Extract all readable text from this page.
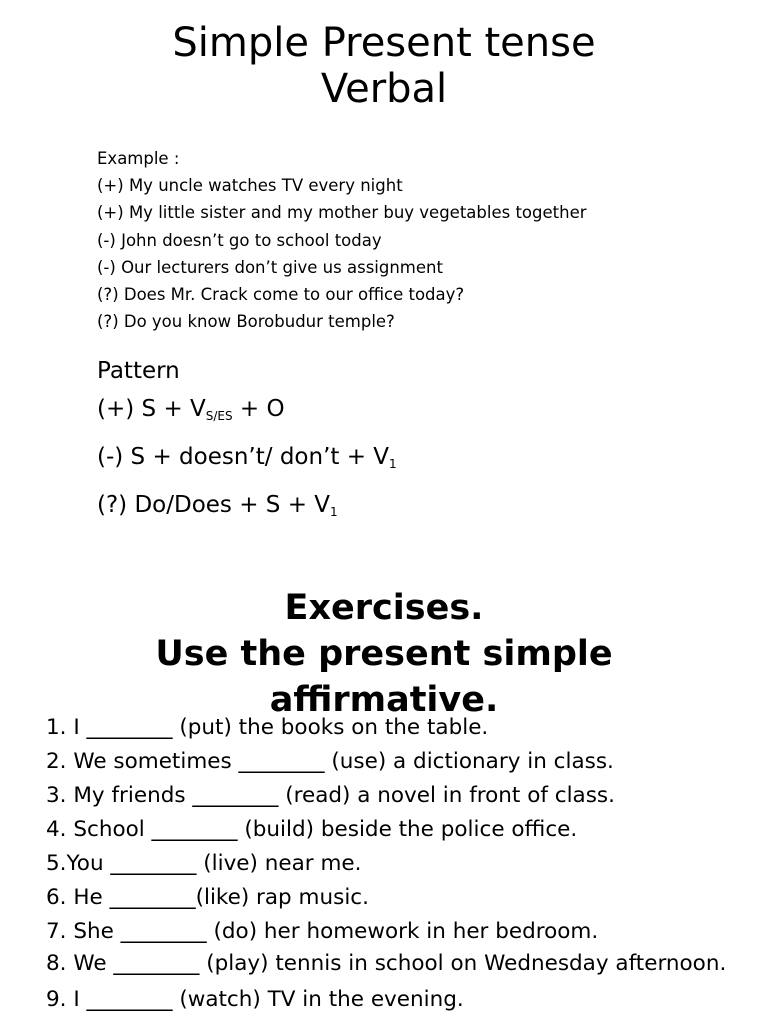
Simple Present tense
Verbal
Example :
(+) My uncle watches TV every night
(+) My little sister and my mother buy vegetables together
(-) John doesn’t go to school today
(-) Our lecturers don’t give us assignment
(?) Does Mr. Crack come to our office today?
(?) Do you know Borobudur temple?
Pattern
(+) $S + V_{S/ES} + O$
(-) S + doesn’t/ don’t + $V_1$
(?) Do/Does + $S + V_1$
Exercises.
Use the present simple
affirmative.
1. I ________ (put) the books on the table.
2. We sometimes ________ (use) a dictionary in class.
3. My friends ________ (read) a novel in front of class.
4. School ________ (build) beside the police office.
5.You ________ (live) near me.
6. He ________(like) rap music.
7. She ________ (do) her homework in her bedroom.
8. We ________ (play) tennis in school on Wednesday afternoon.
9. I ________ (watch) TV in the evening.
